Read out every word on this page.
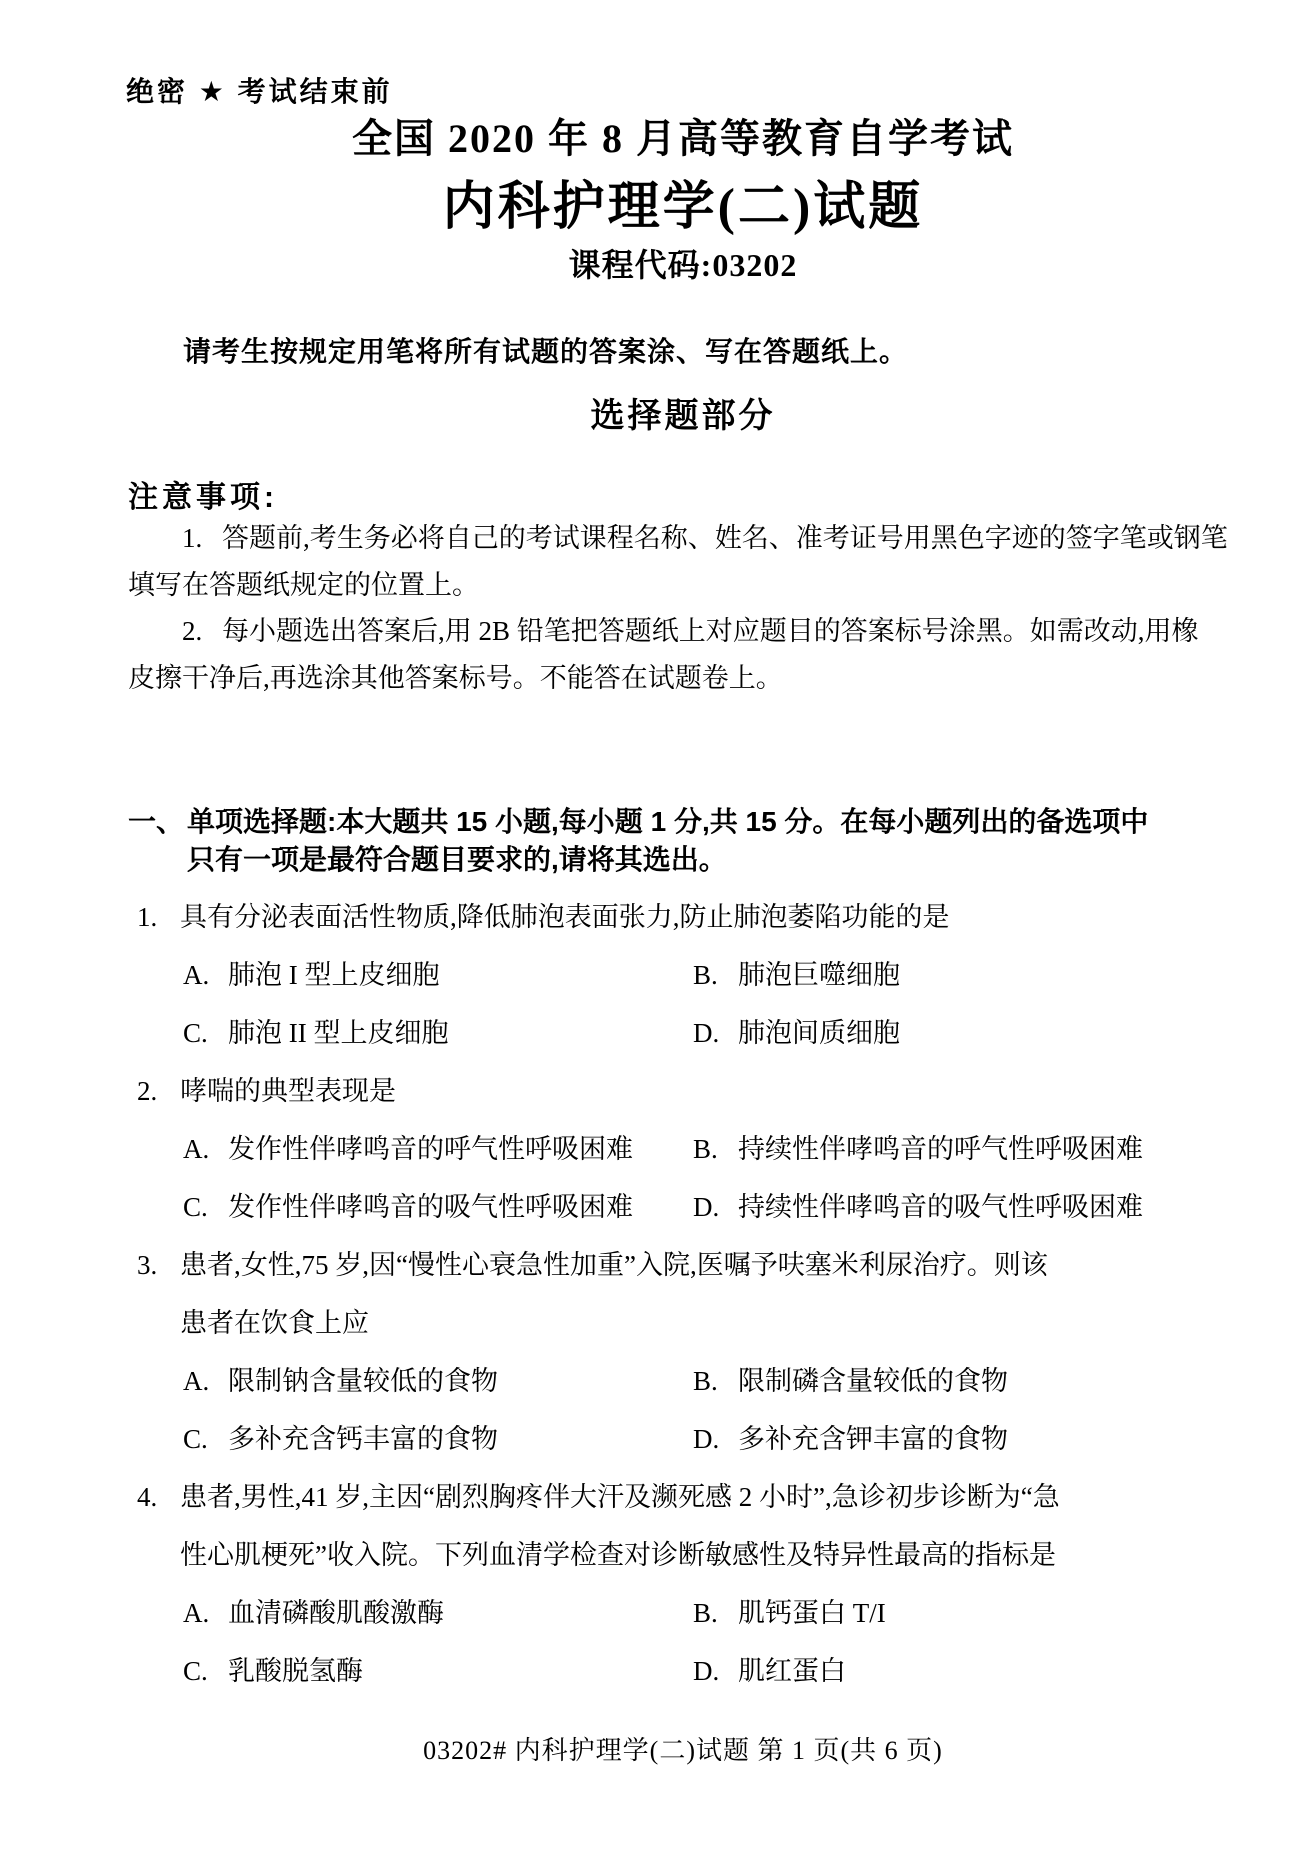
绝密 ★ 考试结束前
全国 2020 年 8 月高等教育自学考试
内科护理学(二)试题
课程代码:03202
请考生按规定用笔将所有试题的答案涂、写在答题纸上。
选择题部分
注意事项:
1. 答题前,考生务必将自己的考试课程名称、姓名、准考证号用黑色字迹的签字笔或钢笔
填写在答题纸规定的位置上。
2. 每小题选出答案后,用 2B 铅笔把答题纸上对应题目的答案标号涂黑。如需改动,用橡
皮擦干净后,再选涂其他答案标号。不能答在试题卷上。
一、 单项选择题:本大题共 15 小题,每小题 1 分,共 15 分。在每小题列出的备选项中
只有一项是最符合题目要求的,请将其选出。
1. 具有分泌表面活性物质,降低肺泡表面张力,防止肺泡萎陷功能的是
A. 肺泡 I 型上皮细胞	B. 肺泡巨噬细胞
C. 肺泡 II 型上皮细胞	D. 肺泡间质细胞
2. 哮喘的典型表现是
A. 发作性伴哮鸣音的呼气性呼吸困难	B. 持续性伴哮鸣音的呼气性呼吸困难
C. 发作性伴哮鸣音的吸气性呼吸困难	D. 持续性伴哮鸣音的吸气性呼吸困难
3. 患者,女性,75 岁,因“慢性心衰急性加重”入院,医嘱予呋塞米利尿治疗。则该
患者在饮食上应
A. 限制钠含量较低的食物	B. 限制磷含量较低的食物
C. 多补充含钙丰富的食物	D. 多补充含钾丰富的食物
4. 患者,男性,41 岁,主因“剧烈胸疼伴大汗及濒死感 2 小时”,急诊初步诊断为“急
性心肌梗死”收入院。下列血清学检查对诊断敏感性及特异性最高的指标是
A. 血清磷酸肌酸激酶	B. 肌钙蛋白 T/I
C. 乳酸脱氢酶	D. 肌红蛋白
03202# 内科护理学(二)试题 第 1 页(共 6 页)
